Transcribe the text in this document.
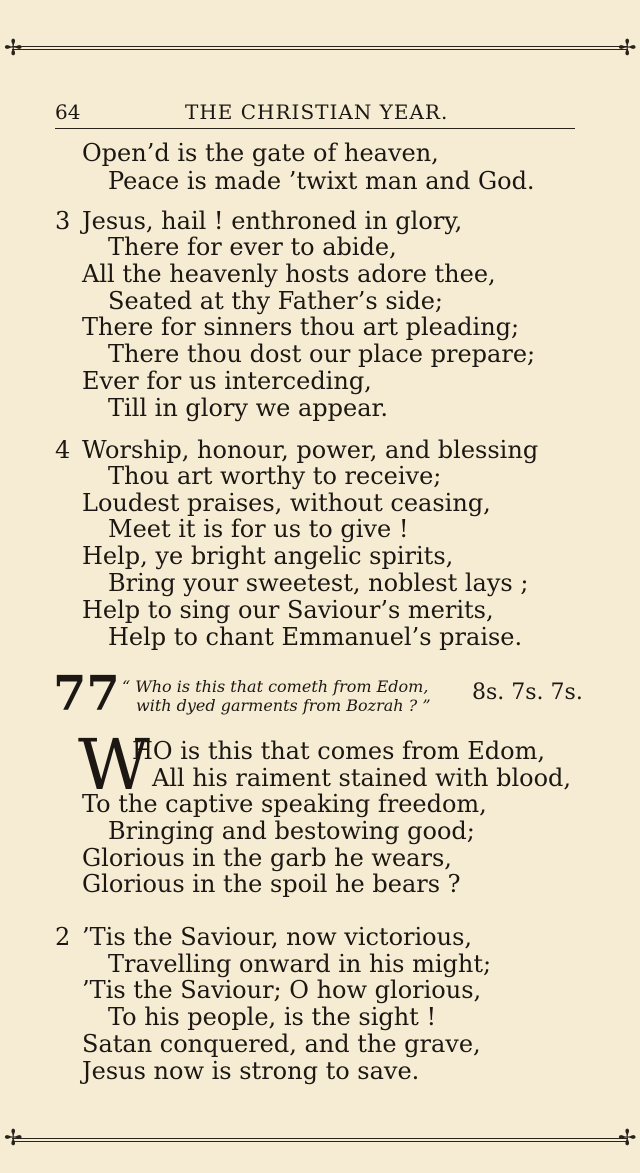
✢	✢
✢	✢
64	THE CHRISTIAN YEAR.
Open’d is the gate of heaven,
Peace is made ’twixt man and God.
3 Jesus, hail ! enthroned in glory,
There for ever to abide,
All the heavenly hosts adore thee,
Seated at thy Father’s side;
There for sinners thou art pleading;
There thou dost our place prepare;
Ever for us interceding,
Till in glory we appear.
4 Worship, honour, power, and blessing
Thou art worthy to receive;
Loudest praises, without ceasing,
Meet it is for us to give !
Help, ye bright angelic spirits,
Bring your sweetest, noblest lays ;
Help to sing our Saviour’s merits,
Help to chant Emmanuel’s praise.
77 “ Who is this that cometh from Edom,
with dyed garments from Bozrah ? ”
8s. 7s. 7s.
W
HO is this that comes from Edom,
All his raiment stained with blood,
To the captive speaking freedom,
Bringing and bestowing good;
Glorious in the garb he wears,
Glorious in the spoil he bears ?
2 ’Tis the Saviour, now victorious,
Travelling onward in his might;
’Tis the Saviour; O how glorious,
To his people, is the sight !
Satan conquered, and the grave,
Jesus now is strong to save.
